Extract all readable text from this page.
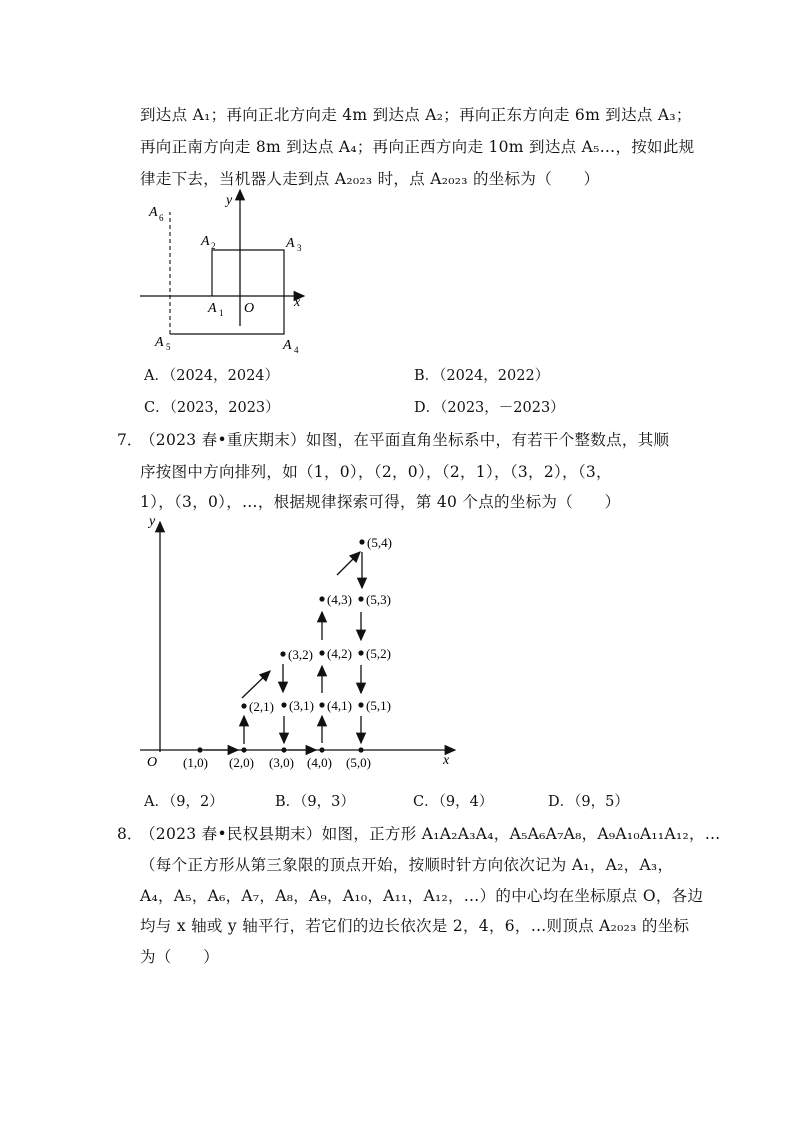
到达点 A₁；再向正北方向走 4m 到达点 A₂；再向正东方向走 6m 到达点 A₃；
再向正南方向走 8m 到达点 A₄；再向正西方向走 10m 到达点 A₅…，按如此规
律走下去，当机器人走到点 A₂₀₂₃ 时，点 A₂₀₂₃ 的坐标为（　　）
y
x
O
A 6
A 2	A 3
A 1
A 5	A 4
A．（2024，2024）	B．（2024，2022）
C．（2023，2023）	D．（2023，－2023）
7．
（2023 春•重庆期末）如图，在平面直角坐标系中，有若干个整数点，其顺
序按图中方向排列，如（1，0），（2，0），（2，1），（3，2），（3，
1），（3，0），…，根据规律探索可得，第 40 个点的坐标为（　　）
y
x
O (1,0) (2,0) (3,0) (4,0) (5,0)
(2,1) (3,1) (4,1) (5,1)
(3,2) (4,2) (5,2)
(4,3) (5,3)
(5,4)
A．（9，2）	B．（9，3）	C．（9，4）	D．（9，5）
8．
（2023 春•民权县期末）如图，正方形 A₁A₂A₃A₄，A₅A₆A₇A₈，A₉A₁₀A₁₁A₁₂，…
（每个正方形从第三象限的顶点开始，按顺时针方向依次记为 A₁，A₂，A₃，
A₄，A₅，A₆，A₇，A₈，A₉，A₁₀，A₁₁，A₁₂，…）的中心均在坐标原点 O，各边
均与 x 轴或 y 轴平行，若它们的边长依次是 2，4，6，…则顶点 A₂₀₂₃ 的坐标
为（　　）
